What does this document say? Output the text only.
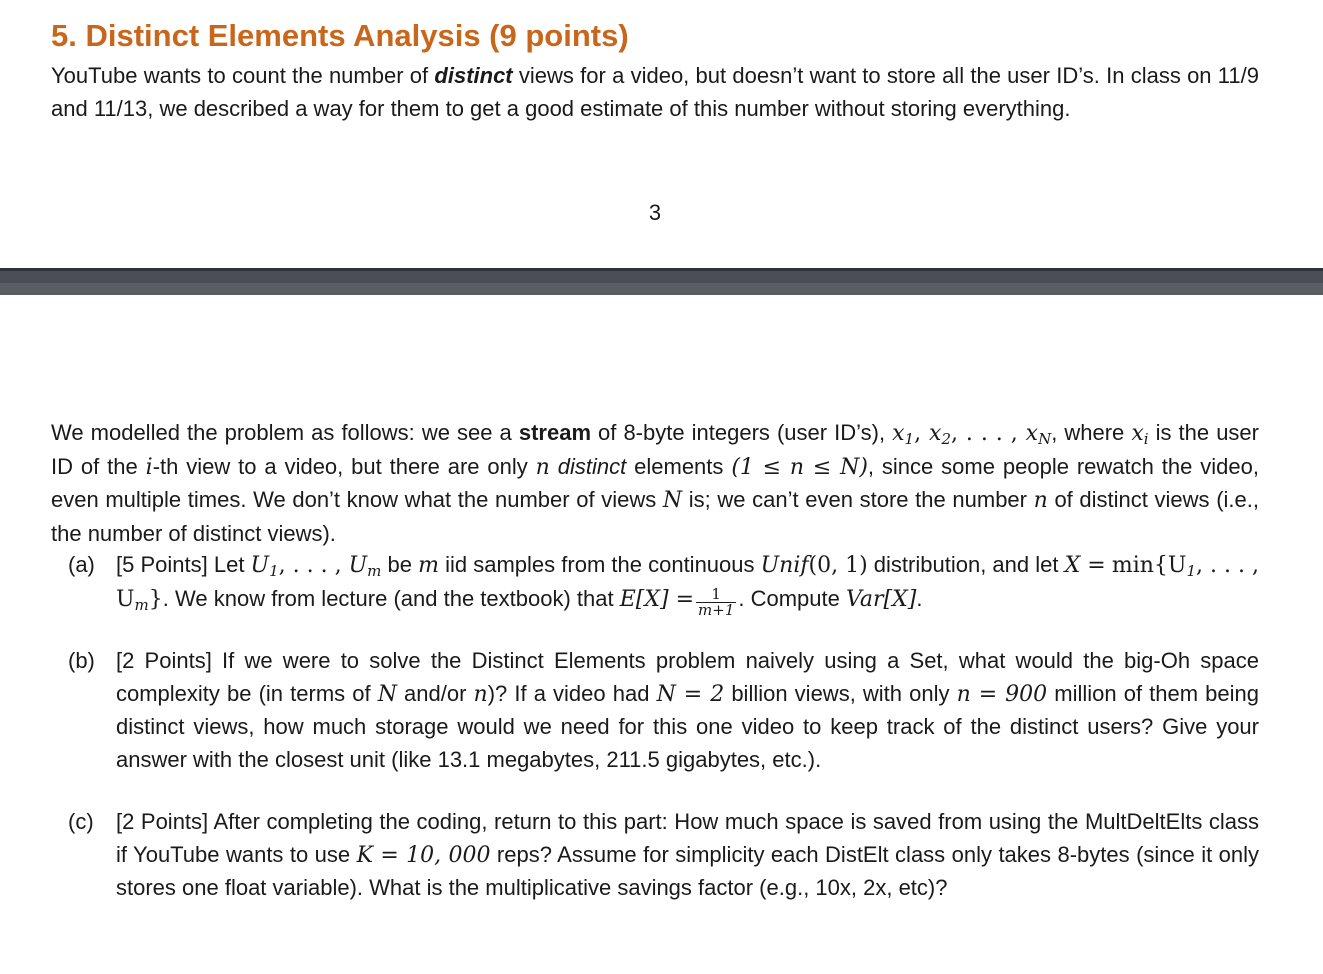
5. Distinct Elements Analysis (9 points)
YouTube wants to count the number of distinct views for a video, but doesn’t want to store all the user ID’s. In class on 11/9 and 11/13, we described a way for them to get a good estimate of this number without storing everything.
3
We modelled the problem as follows: we see a stream of 8-byte integers (user ID’s), $x_1$, $x_2$, . . . , $x_N$, where $x_i$ is the user ID of the i-th view to a video, but there are only n distinct elements (1 ≤ n ≤ N), since some people rewatch the video, even multiple times. We don’t know what the number of views N is; we can’t even store the number n of distinct views (i.e., the number of distinct views).
(a) [5 Points] Let $U_1$, . . . , $U_m$ be m iid samples from the continuous Unif(0, 1) distribution, and let $X = \min\{U_1$, . . . , $U_m$}. We know from lecture (and the textbook) that $E[X] = \frac{1}{m+1}$ . Compute Var[X].
(b) [2 Points] If we were to solve the Distinct Elements problem naively using a Set, what would the big-Oh space complexity be (in terms of N and/or n)? If a video had N = 2 billion views, with only n = 900 million of them being distinct views, how much storage would we need for this one video to keep track of the distinct users? Give your answer with the closest unit (like 13.1 megabytes, 211.5 gigabytes, etc.).
(c) [2 Points] After completing the coding, return to this part: How much space is saved from using the MultDeltElts class if YouTube wants to use K = 10, 000 reps? Assume for simplicity each DistElt class only takes 8-bytes (since it only stores one float variable). What is the multiplicative savings factor (e.g., 10x, 2x, etc)?
